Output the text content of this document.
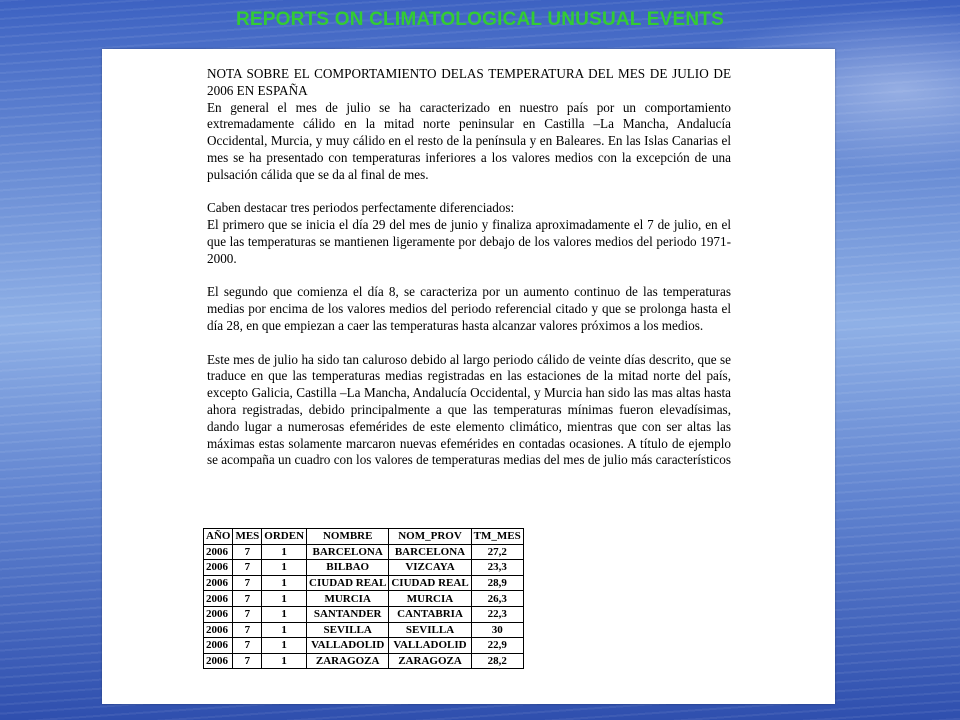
REPORTS ON CLIMATOLOGICAL UNUSUAL EVENTS

NOTA SOBRE EL COMPORTAMIENTO DELAS TEMPERATURA DEL MES DE JULIO DE 2006 EN ESPAÑA

En general el mes de julio se ha caracterizado en nuestro país por un comportamiento extremadamente cálido en la mitad norte peninsular en Castilla –La Mancha, Andalucía Occidental, Murcia, y muy cálido en el resto de la península y en Baleares. En las Islas Canarias el mes se ha presentado con temperaturas inferiores a los valores medios con la excepción de una pulsación cálida que se da al final de mes.

Caben destacar tres periodos perfectamente diferenciados:

El primero que se inicia el día 29 del mes de junio y finaliza aproximadamente el 7 de julio, en el que las temperaturas se mantienen ligeramente por debajo de los valores medios del periodo 1971-2000.

El segundo que comienza el día 8, se caracteriza por un aumento continuo de las temperaturas medias por encima de los valores medios del periodo referencial citado y que se prolonga hasta el día 28, en que empiezan a caer las temperaturas hasta alcanzar valores próximos a los medios.

Este mes de julio ha sido tan caluroso debido al largo periodo cálido de veinte días descrito, que se traduce en que las temperaturas medias registradas en las estaciones de la mitad norte del país, excepto Galicia, Castilla –La Mancha, Andalucía Occidental, y Murcia han sido las mas altas hasta ahora registradas, debido principalmente a que las temperaturas mínimas fueron elevadísimas, dando lugar a numerosas efemérides de este elemento climático, mientras que con ser altas las máximas estas solamente marcaron nuevas efemérides en contadas ocasiones. A título de ejemplo se acompaña un cuadro con los valores de temperaturas medias del mes de julio más característicos

AÑO	MES	ORDEN	NOMBRE	NOM_PROV	TM_MES
2006	7	1	BARCELONA	BARCELONA	27,2
2006	7	1	BILBAO	VIZCAYA	23,3
2006	7	1	CIUDAD REAL	CIUDAD REAL	28,9
2006	7	1	MURCIA	MURCIA	26,3
2006	7	1	SANTANDER	CANTABRIA	22,3
2006	7	1	SEVILLA	SEVILLA	30
2006	7	1	VALLADOLID	VALLADOLID	22,9
2006	7	1	ZARAGOZA	ZARAGOZA	28,2
